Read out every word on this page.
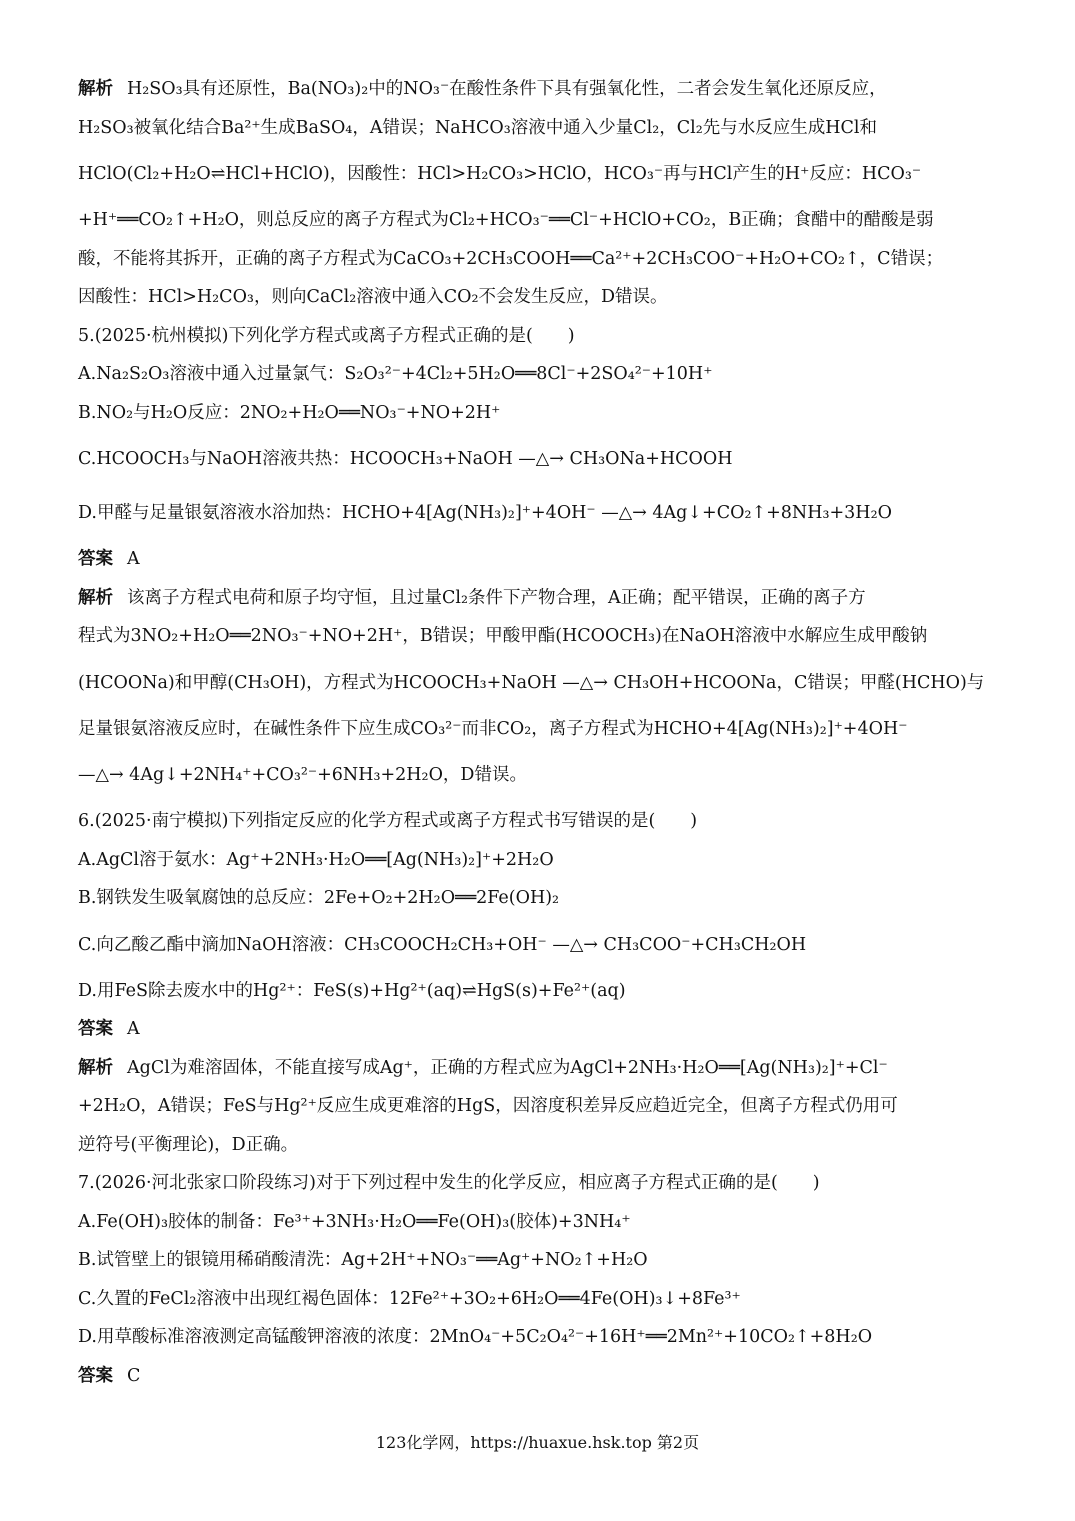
解析 H₂SO₃具有还原性，Ba(NO₃)₂中的NO₃⁻在酸性条件下具有强氧化性，二者会发生氧化还原反应，

H₂SO₃被氧化结合Ba²⁺生成BaSO₄，A错误；NaHCO₃溶液中通入少量Cl₂，Cl₂先与水反应生成HCl和

HClO(Cl₂+H₂O⇌HCl+HClO)，因酸性：HCl>H₂CO₃>HClO，HCO₃⁻再与HCl产生的H⁺反应：HCO₃⁻

+H⁺══CO₂↑+H₂O，则总反应的离子方程式为Cl₂+HCO₃⁻══Cl⁻+HClO+CO₂，B正确；食醋中的醋酸是弱

酸，不能将其拆开，正确的离子方程式为CaCO₃+2CH₃COOH══Ca²⁺+2CH₃COO⁻+H₂O+CO₂↑，C错误；

因酸性：HCl>H₂CO₃，则向CaCl₂溶液中通入CO₂不会发生反应，D错误。

5.(2025·杭州模拟)下列化学方程式或离子方程式正确的是(　　)

A.Na₂S₂O₃溶液中通入过量氯气：S₂O₃²⁻+4Cl₂+5H₂O══8Cl⁻+2SO₄²⁻+10H⁺

B.NO₂与H₂O反应：2NO₂+H₂O══NO₃⁻+NO+2H⁺

C.HCOOCH₃与NaOH溶液共热：HCOOCH₃+NaOH —△→ CH₃ONa+HCOOH

D.甲醛与足量银氨溶液水浴加热：HCHO+4[Ag(NH₃)₂]⁺+4OH⁻ —△→ 4Ag↓+CO₂↑+8NH₃+3H₂O

答案 A

解析 该离子方程式电荷和原子均守恒，且过量Cl₂条件下产物合理，A正确；配平错误，正确的离子方

程式为3NO₂+H₂O══2NO₃⁻+NO+2H⁺，B错误；甲酸甲酯(HCOOCH₃)在NaOH溶液中水解应生成甲酸钠

(HCOONa)和甲醇(CH₃OH)，方程式为HCOOCH₃+NaOH —△→ CH₃OH+HCOONa，C错误；甲醛(HCHO)与

足量银氨溶液反应时，在碱性条件下应生成CO₃²⁻而非CO₂，离子方程式为HCHO+4[Ag(NH₃)₂]⁺+4OH⁻

—△→ 4Ag↓+2NH₄⁺+CO₃²⁻+6NH₃+2H₂O，D错误。

6.(2025·南宁模拟)下列指定反应的化学方程式或离子方程式书写错误的是(　　)

A.AgCl溶于氨水：Ag⁺+2NH₃·H₂O══[Ag(NH₃)₂]⁺+2H₂O

B.钢铁发生吸氧腐蚀的总反应：2Fe+O₂+2H₂O══2Fe(OH)₂

C.向乙酸乙酯中滴加NaOH溶液：CH₃COOCH₂CH₃+OH⁻ —△→ CH₃COO⁻+CH₃CH₂OH

D.用FeS除去废水中的Hg²⁺：FeS(s)+Hg²⁺(aq)⇌HgS(s)+Fe²⁺(aq)

答案 A

解析 AgCl为难溶固体，不能直接写成Ag⁺，正确的方程式应为AgCl+2NH₃·H₂O══[Ag(NH₃)₂]⁺+Cl⁻

+2H₂O，A错误；FeS与Hg²⁺反应生成更难溶的HgS，因溶度积差异反应趋近完全，但离子方程式仍用可

逆符号(平衡理论)，D正确。

7.(2026·河北张家口阶段练习)对于下列过程中发生的化学反应，相应离子方程式正确的是(　　)

A.Fe(OH)₃胶体的制备：Fe³⁺+3NH₃·H₂O══Fe(OH)₃(胶体)+3NH₄⁺

B.试管壁上的银镜用稀硝酸清洗：Ag+2H⁺+NO₃⁻══Ag⁺+NO₂↑+H₂O

C.久置的FeCl₂溶液中出现红褐色固体：12Fe²⁺+3O₂+6H₂O══4Fe(OH)₃↓+8Fe³⁺

D.用草酸标准溶液测定高锰酸钾溶液的浓度：2MnO₄⁻+5C₂O₄²⁻+16H⁺══2Mn²⁺+10CO₂↑+8H₂O

答案 C

123化学网，https://huaxue.hsk.top 第2页
